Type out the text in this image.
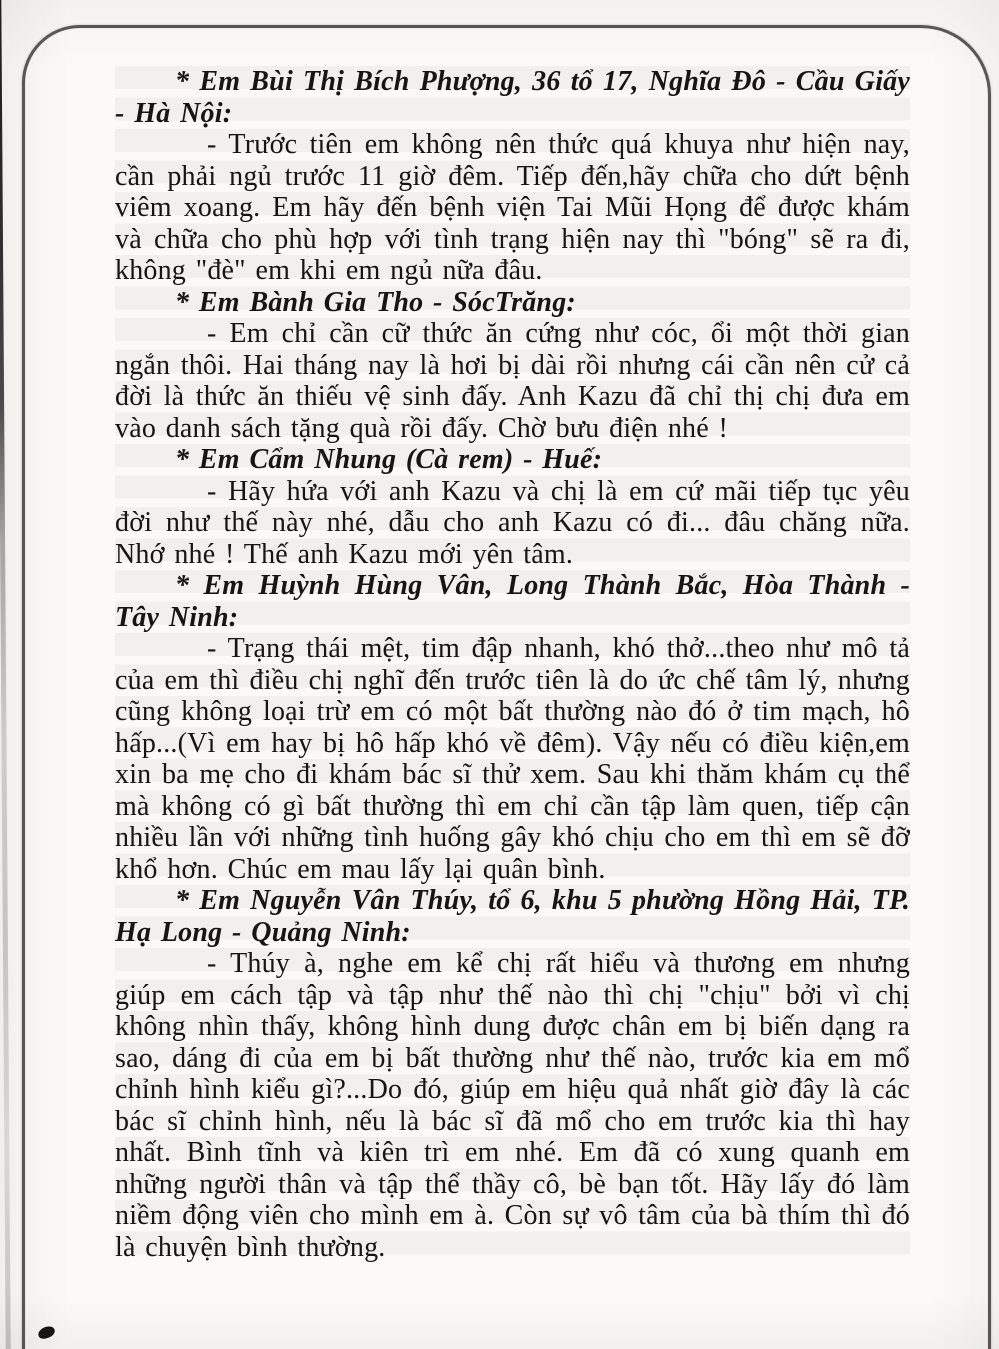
* Em Bùi Thị Bích Phượng, 36 tổ 17, Nghĩa Đô - Cầu Giấy - Hà Nội:

- Trước tiên em không nên thức quá khuya như hiện nay, cần phải ngủ trước 11 giờ đêm. Tiếp đến,hãy chữa cho dứt bệnh viêm xoang. Em hãy đến bệnh viện Tai Mũi Họng để được khám và chữa cho phù hợp với tình trạng hiện nay thì "bóng" sẽ ra đi, không "đè" em khi em ngủ nữa đâu.

* Em Bành Gia Tho - SócTrăng:

- Em chỉ cần cữ thức ăn cứng như cóc, ổi một thời gian ngắn thôi. Hai tháng nay là hơi bị dài rồi nhưng cái cần nên cử cả đời là thức ăn thiếu vệ sinh đấy. Anh Kazu đã chỉ thị chị đưa em vào danh sách tặng quà rồi đấy. Chờ bưu điện nhé !

* Em Cẩm Nhung (Cà rem) - Huế:

- Hãy hứa với anh Kazu và chị là em cứ mãi tiếp tục yêu đời như thế này nhé, dẫu cho anh Kazu có đi... đâu chăng nữa. Nhớ nhé ! Thế anh Kazu mới yên tâm.

* Em Huỳnh Hùng Vân, Long Thành Bắc, Hòa Thành - Tây Ninh:

- Trạng thái mệt, tim đập nhanh, khó thở...theo như mô tả của em thì điều chị nghĩ đến trước tiên là do ức chế tâm lý, nhưng cũng không loại trừ em có một bất thường nào đó ở tim mạch, hô hấp...(Vì em hay bị hô hấp khó về đêm). Vậy nếu có điều kiện,em xin ba mẹ cho đi khám bác sĩ thử xem. Sau khi thăm khám cụ thể mà không có gì bất thường thì em chỉ cần tập làm quen, tiếp cận nhiều lần với những tình huống gây khó chịu cho em thì em sẽ đỡ khổ hơn. Chúc em mau lấy lại quân bình.

* Em Nguyễn Vân Thúy, tổ 6, khu 5 phường Hồng Hải, TP. Hạ Long - Quảng Ninh:

- Thúy à, nghe em kể chị rất hiểu và thương em nhưng giúp em cách tập và tập như thế nào thì chị "chịu" bởi vì chị không nhìn thấy, không hình dung được chân em bị biến dạng ra sao, dáng đi của em bị bất thường như thế nào, trước kia em mổ chỉnh hình kiểu gì?...Do đó, giúp em hiệu quả nhất giờ đây là các bác sĩ chỉnh hình, nếu là bác sĩ đã mổ cho em trước kia thì hay nhất. Bình tĩnh và kiên trì em nhé. Em đã có xung quanh em những người thân và tập thể thầy cô, bè bạn tốt. Hãy lấy đó làm niềm động viên cho mình em à. Còn sự vô tâm của bà thím thì đó là chuyện bình thường.
